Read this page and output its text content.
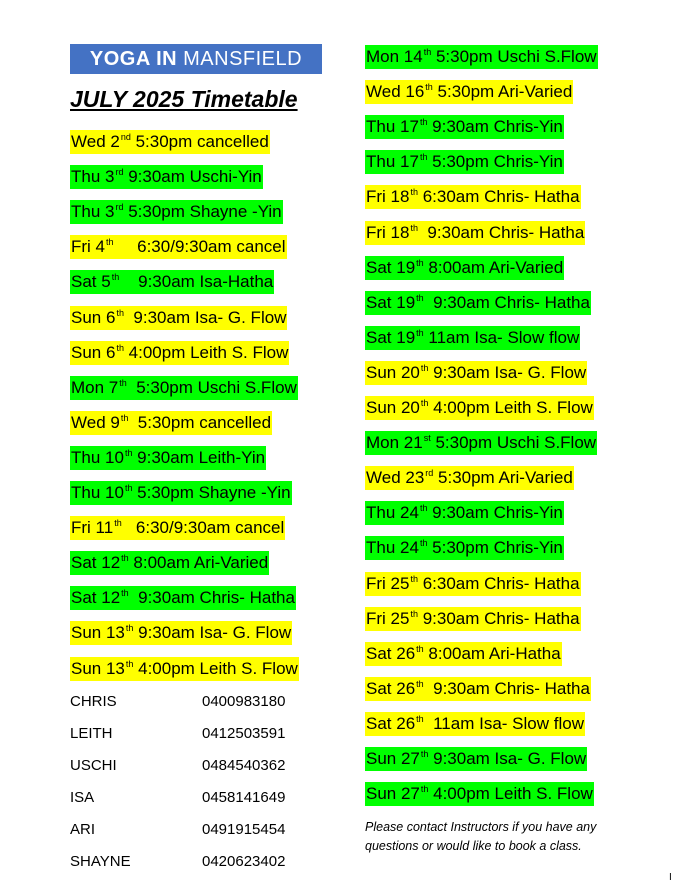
YOGA IN MANSFIELD
JULY 2025 Timetable
Please contact Instructors if you have any questions or would like to book a class.
I
Wed 2nd 5:30pm cancelled
Thu 3rd 9:30am Uschi-Yin
Thu 3rd 5:30pm Shayne -Yin
Fri 4th     6:30/9:30am cancel
Sat 5th    9:30am Isa-Hatha
Sun 6th  9:30am Isa- G. Flow
Sun 6th 4:00pm Leith S. Flow
Mon 7th  5:30pm Uschi S.Flow
Wed 9th  5:30pm cancelled
Thu 10th 9:30am Leith-Yin
Thu 10th 5:30pm Shayne -Yin
Fri 11th   6:30/9:30am cancel
Sat 12th 8:00am Ari-Varied
Sat 12th  9:30am Chris- Hatha
Sun 13th 9:30am Isa- G. Flow
Sun 13th 4:00pm Leith S. Flow
Mon 14th 5:30pm Uschi S.Flow
Wed 16th 5:30pm Ari-Varied
Thu 17th 9:30am Chris-Yin
Thu 17th 5:30pm Chris-Yin
Fri 18th 6:30am Chris- Hatha
Fri 18th  9:30am Chris- Hatha
Sat 19th 8:00am Ari-Varied
Sat 19th  9:30am Chris- Hatha
Sat 19th 11am Isa- Slow flow
Sun 20th 9:30am Isa- G. Flow
Sun 20th 4:00pm Leith S. Flow
Mon 21st 5:30pm Uschi S.Flow
Wed 23rd 5:30pm Ari-Varied
Thu 24th 9:30am Chris-Yin
Thu 24th 5:30pm Chris-Yin
Fri 25th 6:30am Chris- Hatha
Fri 25th 9:30am Chris- Hatha
Sat 26th 8:00am Ari-Hatha
Sat 26th  9:30am Chris- Hatha
Sat 26th  11am Isa- Slow flow
Sun 27th 9:30am Isa- G. Flow
Sun 27th 4:00pm Leith S. Flow
CHRIS	0400983180
LEITH	0412503591
USCHI	0484540362
ISA	0458141649
ARI	0491915454
SHAYNE	0420623402
